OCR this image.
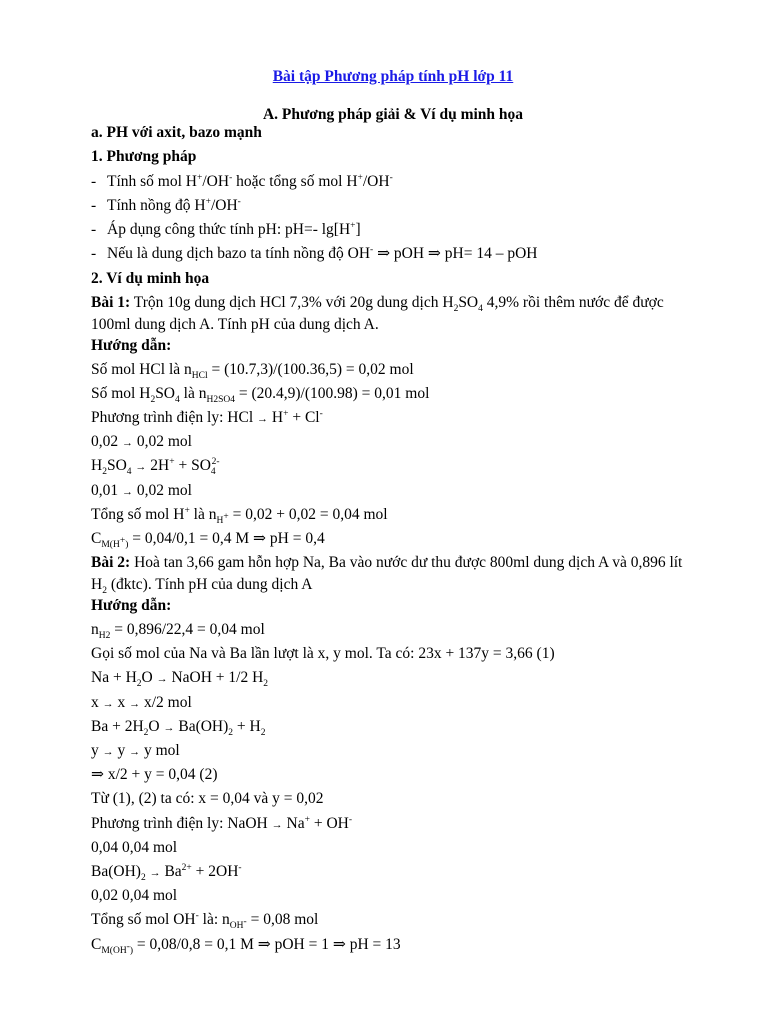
Bài tập Phương pháp tính pH lớp 11
A. Phương pháp giải & Ví dụ minh họa
a. PH với axit, bazo mạnh
1. Phương pháp
- Tính số mol H+/OH- hoặc tổng số mol H+/OH-
- Tính nồng độ H+/OH-
- Áp dụng công thức tính pH: pH=- lg[H+]
- Nếu là dung dịch bazo ta tính nồng độ OH- ⇒ pOH ⇒ pH= 14 – pOH
2. Ví dụ minh họa
Bài 1: Trộn 10g dung dịch HCl 7,3% với 20g dung dịch $H_2SO_4$ 4,9% rồi thêm nước để được 100ml dung dịch A. Tính pH của dung dịch A.
Hướng dẫn:
Số mol HCl là $n_{HCl} = (10.7,3)/(100.36,5) = 0,02$ mol
Số mol $H_2SO_4$ là $n_{H2SO4} = (20.4,9)/(100.98) = 0,01$ mol
Phương trình điện ly: HCl → H+ + Cl-
0,02 → 0,02 mol
$H_2SO_4 \to 2H^+ + SO_4^{2-}$
0,01 → 0,02 mol
Tổng số mol H+ là $n_{H^+} = 0,02 + 0,02 = 0,04$ mol
$C_{M(H^+)} = 0,04/0,1 = 0,4$ M ⇒ pH = 0,4
Bài 2: Hoà tan 3,66 gam hỗn hợp Na, Ba vào nước dư thu được 800ml dung dịch A và 0,896 lít $H_2$ (đktc). Tính pH của dung dịch A
Hướng dẫn:
$n_{H2} = 0,896/22,4 = 0,04$ mol
Gọi số mol của Na và Ba lần lượt là x, y mol. Ta có: 23x + 137y = 3,66 (1)
$Na + H_2O$ → NaOH + 1/2 $H_2$
x → x → x/2 mol
$Ba + 2H_2O \to Ba(OH)_2 + H_2$
y → y → y mol
⇒ x/2 + y = 0,04 (2)
Từ (1), (2) ta có: x = 0,04 và y = 0,02
Phương trình điện ly: NaOH → Na+ + OH-
0,04 0,04 mol
$Ba(OH)_2 \to Ba^{2+} + 2OH^-$
0,02 0,04 mol
Tổng số mol OH- là: $n_{OH^-} = 0,08$ mol
$C_{M(OH^-)} = 0,08/0,8 = 0,1$ M ⇒ pOH = 1 ⇒ pH = 13
